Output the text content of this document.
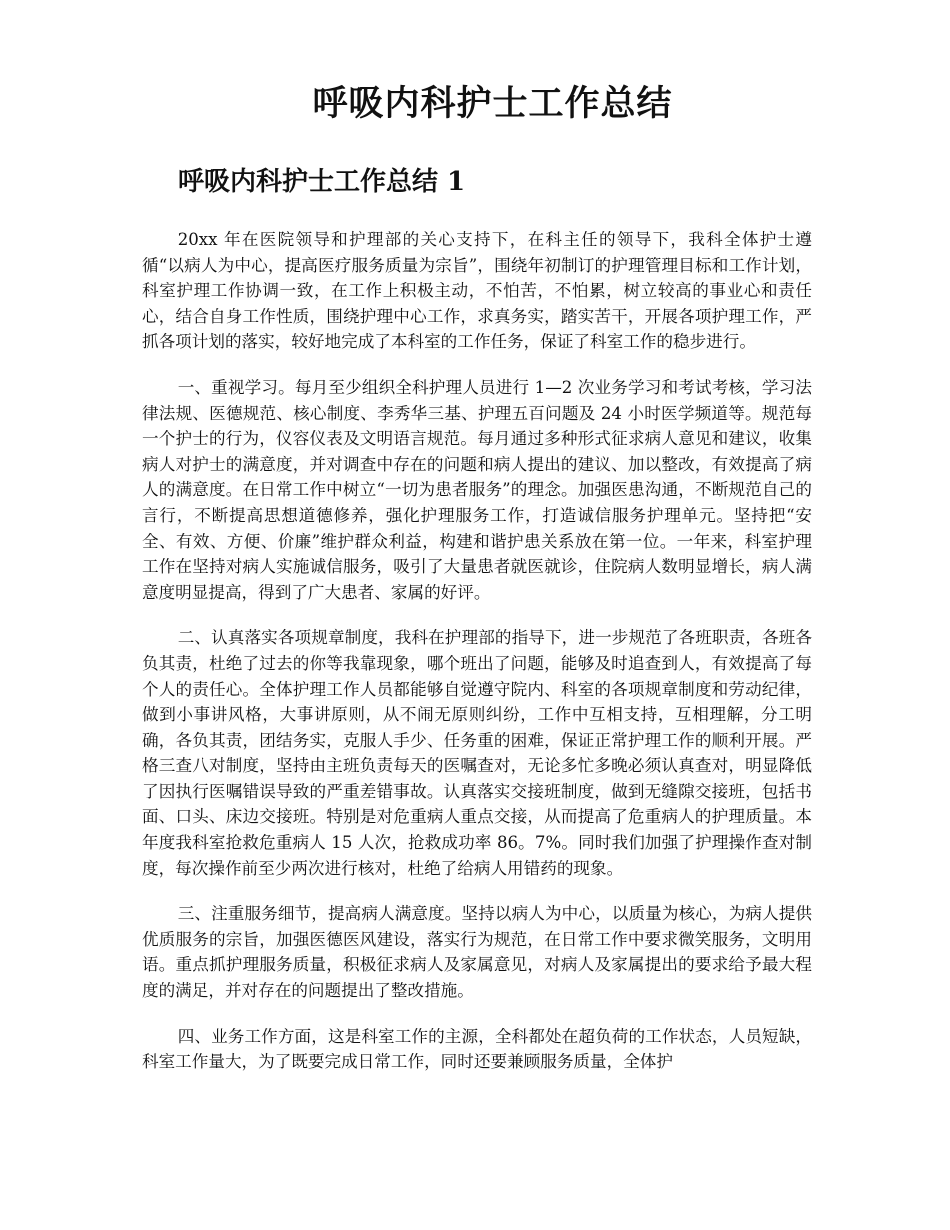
呼吸内科护士工作总结
呼吸内科护士工作总结 1

20xx 年在医院领导和护理部的关心支持下，在科主任的领导下，我科全体护士遵循“以病人为中心，提高医疗服务质量为宗旨”，围绕年初制订的护理管理目标和工作计划，科室护理工作协调一致，在工作上积极主动，不怕苦，不怕累，树立较高的事业心和责任心，结合自身工作性质，围绕护理中心工作，求真务实，踏实苦干，开展各项护理工作，严抓各项计划的落实，较好地完成了本科室的工作任务，保证了科室工作的稳步进行。

一、重视学习。每月至少组织全科护理人员进行 1—2 次业务学习和考试考核，学习法律法规、医德规范、核心制度、李秀华三基、护理五百问题及 24 小时医学频道等。规范每一个护士的行为，仪容仪表及文明语言规范。每月通过多种形式征求病人意见和建议，收集病人对护士的满意度，并对调查中存在的问题和病人提出的建议、加以整改，有效提高了病人的满意度。在日常工作中树立“一切为患者服务”的理念。加强医患沟通，不断规范自己的言行，不断提高思想道德修养，强化护理服务工作，打造诚信服务护理单元。坚持把“安全、有效、方便、价廉”维护群众利益，构建和谐护患关系放在第一位。一年来，科室护理工作在坚持对病人实施诚信服务，吸引了大量患者就医就诊，住院病人数明显增长，病人满意度明显提高，得到了广大患者、家属的好评。

二、认真落实各项规章制度，我科在护理部的指导下，进一步规范了各班职责，各班各负其责，杜绝了过去的你等我靠现象，哪个班出了问题，能够及时追查到人，有效提高了每个人的责任心。全体护理工作人员都能够自觉遵守院内、科室的各项规章制度和劳动纪律，做到小事讲风格，大事讲原则，从不闹无原则纠纷，工作中互相支持，互相理解，分工明确，各负其责，团结务实，克服人手少、任务重的困难，保证正常护理工作的顺利开展。严格三查八对制度，坚持由主班负责每天的医嘱查对，无论多忙多晚必须认真查对，明显降低了因执行医嘱错误导致的严重差错事故。认真落实交接班制度，做到无缝隙交接班，包括书面、口头、床边交接班。特别是对危重病人重点交接，从而提高了危重病人的护理质量。本年度我科室抢救危重病人 15 人次，抢救成功率 86。7%。同时我们加强了护理操作查对制度，每次操作前至少两次进行核对，杜绝了给病人用错药的现象。

三、注重服务细节，提高病人满意度。坚持以病人为中心，以质量为核心，为病人提供优质服务的宗旨，加强医德医风建设，落实行为规范，在日常工作中要求微笑服务，文明用语。重点抓护理服务质量，积极征求病人及家属意见，对病人及家属提出的要求给予最大程度的满足，并对存在的问题提出了整改措施。

四、业务工作方面，这是科室工作的主源，全科都处在超负荷的工作状态，人员短缺，科室工作量大，为了既要完成日常工作，同时还要兼顾服务质量，全体护
